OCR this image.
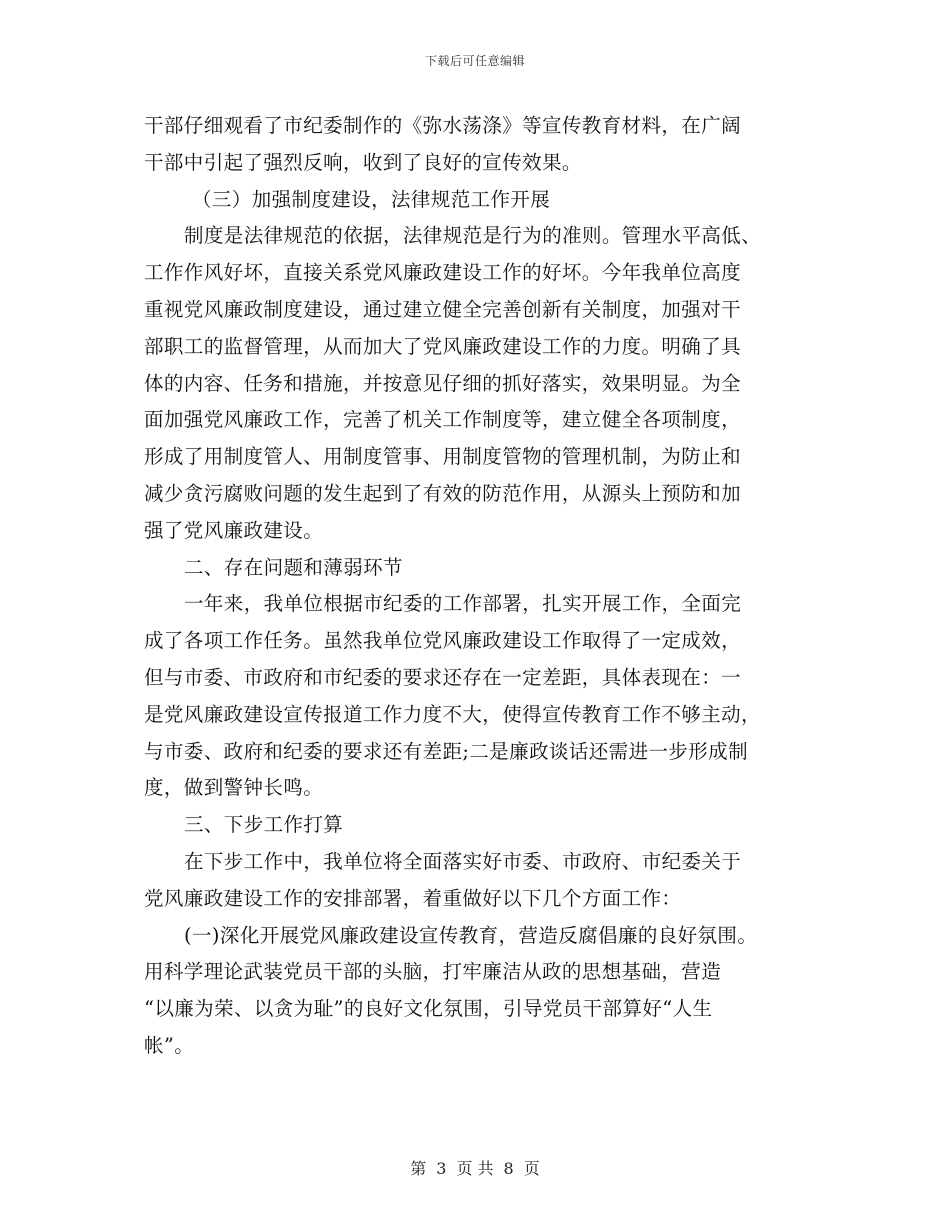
下载后可任意编辑
干部仔细观看了市纪委制作的《弥水荡涤》等宣传教育材料，在广阔
干部中引起了强烈反响，收到了良好的宣传效果。
（三）加强制度建设，法律规范工作开展
制度是法律规范的依据，法律规范是行为的准则。管理水平高低、
工作作风好坏，直接关系党风廉政建设工作的好坏。今年我单位高度
重视党风廉政制度建设，通过建立健全完善创新有关制度，加强对干
部职工的监督管理，从而加大了党风廉政建设工作的力度。明确了具
体的内容、任务和措施，并按意见仔细的抓好落实，效果明显。为全
面加强党风廉政工作，完善了机关工作制度等，建立健全各项制度，
形成了用制度管人、用制度管事、用制度管物的管理机制，为防止和
减少贪污腐败问题的发生起到了有效的防范作用，从源头上预防和加
强了党风廉政建设。
二、存在问题和薄弱环节
一年来，我单位根据市纪委的工作部署，扎实开展工作，全面完
成了各项工作任务。虽然我单位党风廉政建设工作取得了一定成效，
但与市委、市政府和市纪委的要求还存在一定差距，具体表现在：一
是党风廉政建设宣传报道工作力度不大，使得宣传教育工作不够主动，
与市委、政府和纪委的要求还有差距;二是廉政谈话还需进一步形成制
度，做到警钟长鸣。
三、下步工作打算
在下步工作中，我单位将全面落实好市委、市政府、市纪委关于
党风廉政建设工作的安排部署，着重做好以下几个方面工作：
(一)深化开展党风廉政建设宣传教育，营造反腐倡廉的良好氛围。
用科学理论武装党员干部的头脑，打牢廉洁从政的思想基础，营造
“以廉为荣、以贪为耻”的良好文化氛围，引导党员干部算好“人生
帐”。
第 3 页 共 8 页
